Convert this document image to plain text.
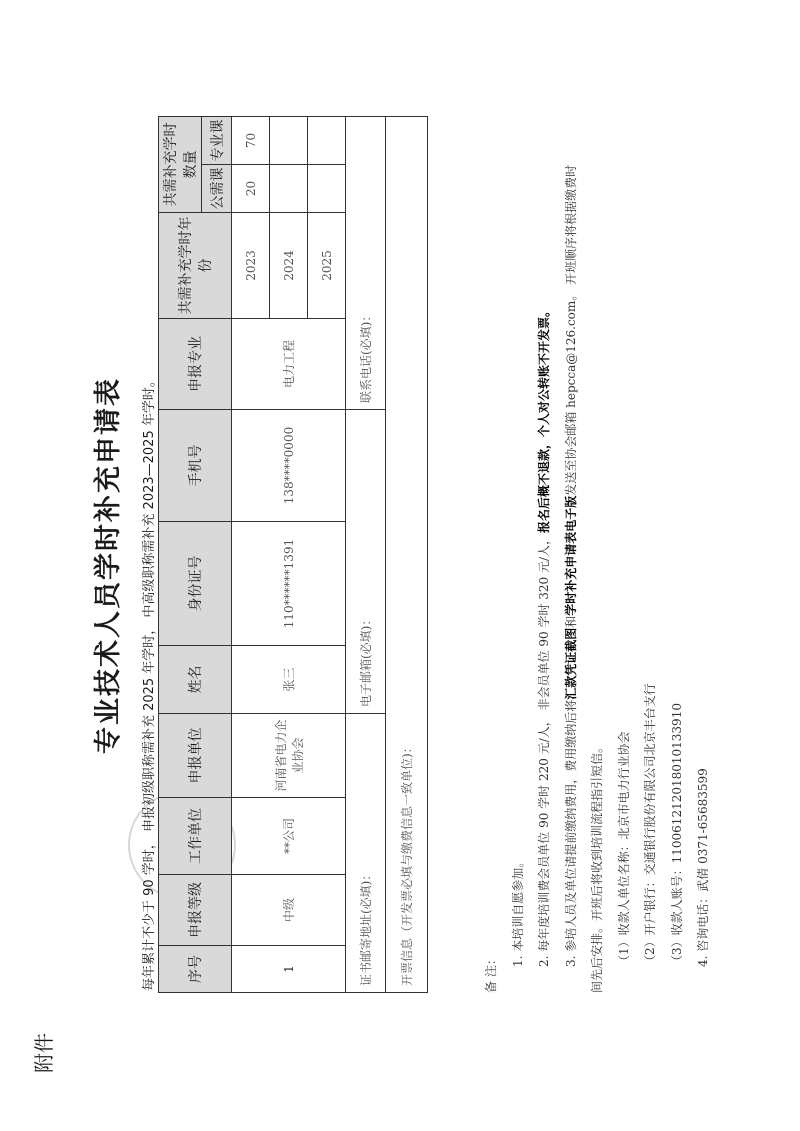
附件
专业技术人员学时补充申请表	每年累计不少于 90 学时， 申报初级职称需补充 2025 年学时， 中高级职称需补充 2023—2025 年学时。 序号	申报等级	工作单位	申报单位	姓名	身份证号	手机号	申报专业	共需补充学时年份	共需补充学时数量	
									公需课	专业课
1	中级	**公司	河南省电力企业协会	张三	110******1391	138****0000	电力工程	2023	20	70
								2024		
								2025		
证书邮寄地址(必填)：				电子邮箱(必填)：			联系电话(必填)：			
开票信息（开发票必填与缴费信息一致单位)：											备 注：
1. 本培训自愿参加。	2. 每年度培训费会员单位 90 学时 220 元/人， 非会员单位 90 学时 320 元/人，报名后概不退款，个人对公转账不开发票。
3. 参培人员及单位请提前缴纳费用，费用缴纳后将汇款凭证截图和学时补充申请表电子版发送至协会邮箱 hepcca@126.com。 开班顺序将根据缴费时
间先后安排。开班后将收到培训流程指引短信。	（1）收款人单位名称：北京市电力行业协会	（2）开户银行：交通银行股份有限公司北京丰台支行	（3）收款人账号：110061212018010133910	4. 咨询电话：武倩 0371-65683599
